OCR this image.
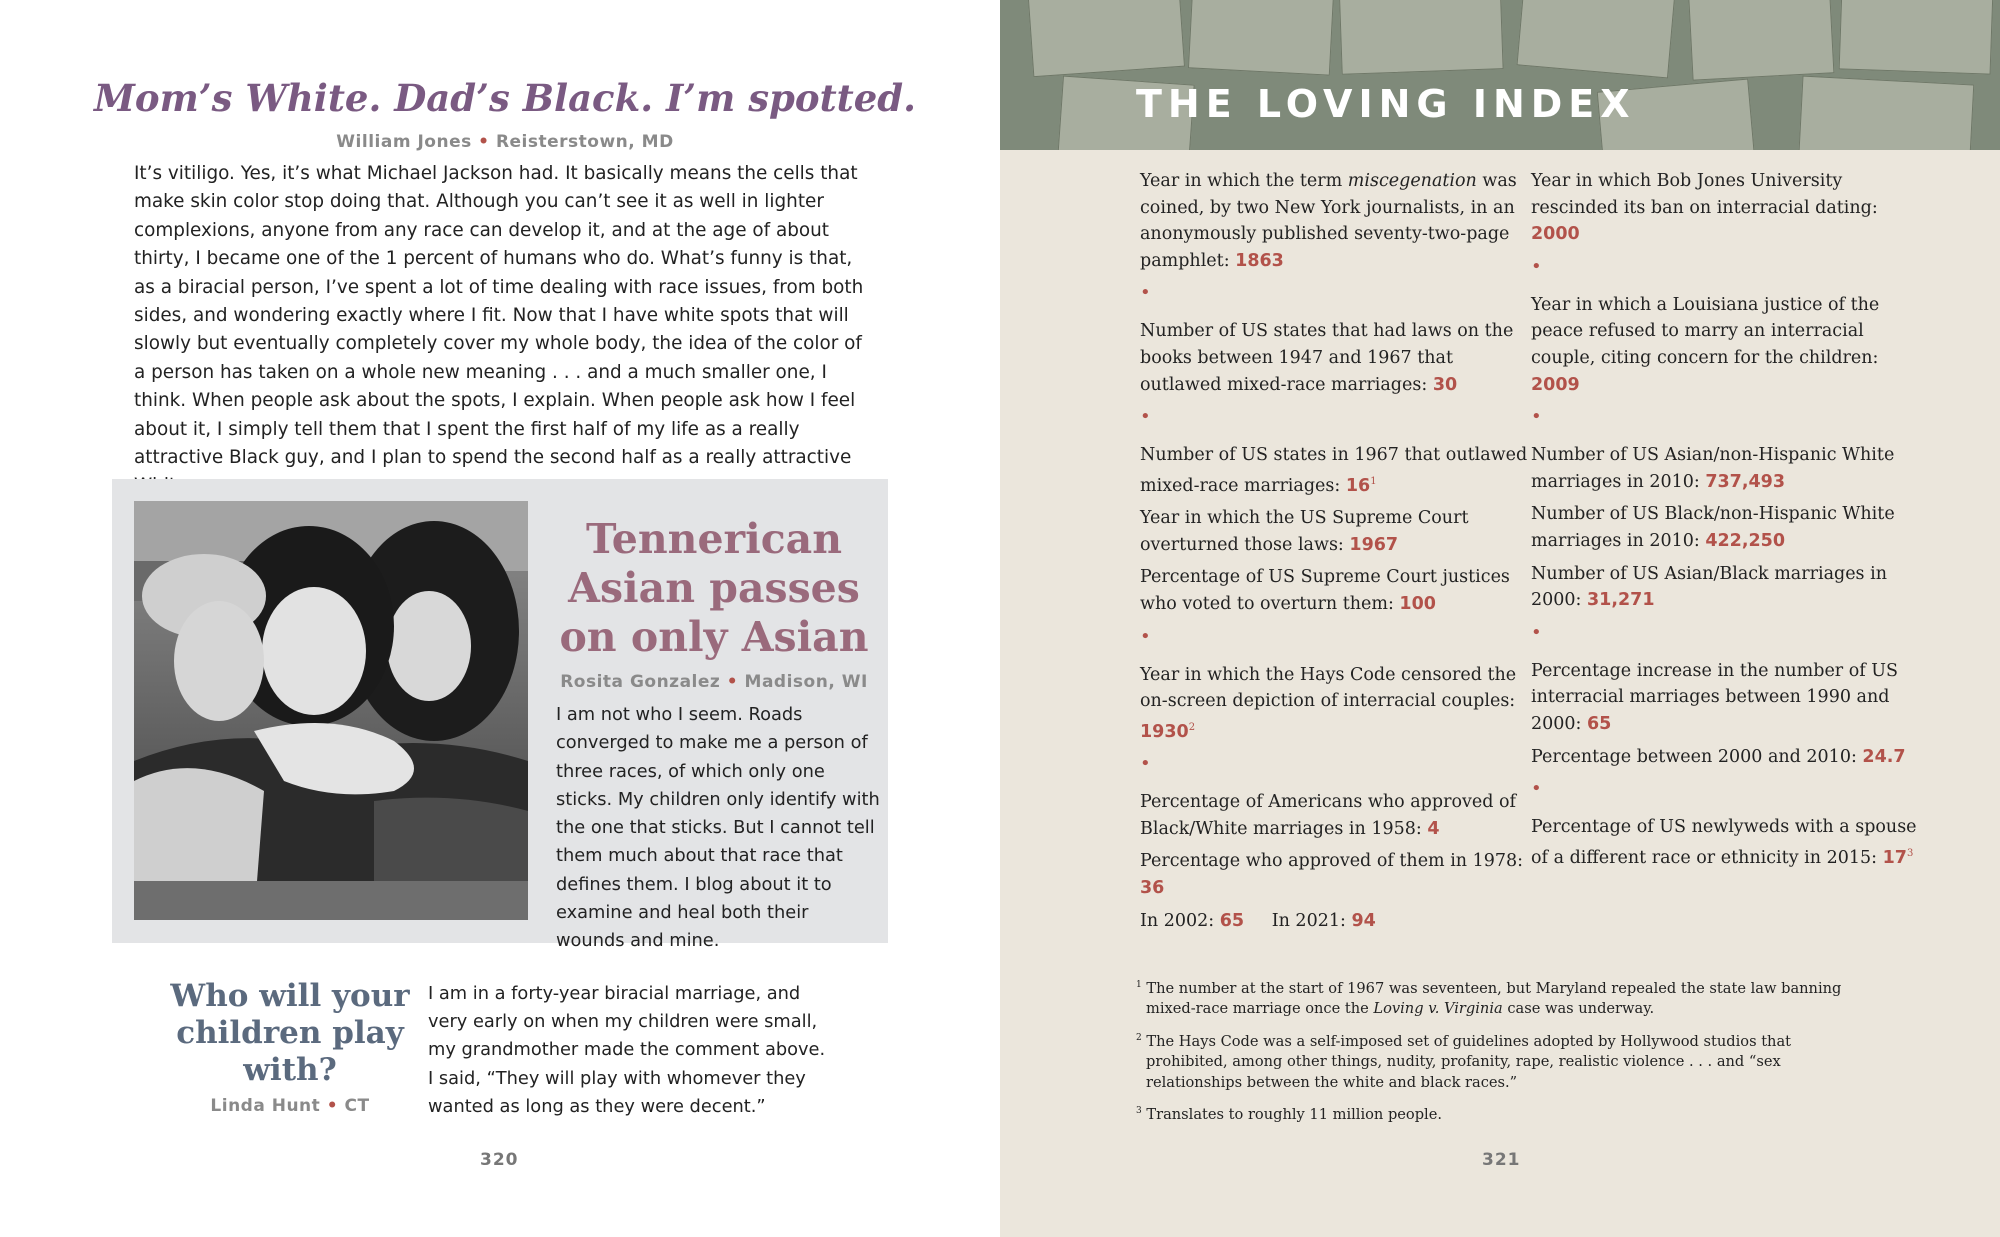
Mom’s White. Dad’s Black. I’m spotted.
William Jones • Reisterstown, MD

It’s vitiligo. Yes, it’s what Michael Jackson had. It basically means the cells that make skin color stop doing that. Although you can’t see it as well in lighter complexions, anyone from any race can develop it, and at the age of about thirty, I became one of the 1 percent of humans who do. What’s funny is that, as a biracial person, I’ve spent a lot of time dealing with race issues, from both sides, and wondering exactly where I fit. Now that I have white spots that will slowly but eventually completely cover my whole body, the idea of the color of a person has taken on a whole new meaning . . . and a much smaller one, I think. When people ask about the spots, I explain. When people ask how I feel about it, I simply tell them that I spent the first half of my life as a really attractive Black guy, and I plan to spend the second half as a really attractive

Tennerican Asian passes on only Asian
Rosita Gonzalez • Madison, WI

I am not who I seem. Roads converged to make me a person of three races, of which only one sticks. My children only identify with the one that sticks. But I cannot tell them much about that race that defines them. I blog about it to examine and heal both their wounds and mine.

Who will your children play with?
Linda Hunt • CT

I am in a forty-year biracial marriage, and very early on when my children were small, my grandmother made the comment above. I said, “They will play with whomever they wanted as long as they were decent.”

320
THE LOVING INDEX

Year in which the term miscegenation was coined, by two New York journalists, in an anonymously published seventy-two-page pamphlet: 1863

•

Number of US states that had laws on the books between 1947 and 1967 that outlawed mixed-race marriages: 30

•

Number of US states in 1967 that outlawed mixed-race marriages: $16^1$

Year in which the US Supreme Court overturned those laws: 1967

Percentage of US Supreme Court justices who voted to overturn them: 100

•

Year in which the Hays Code censored the on-screen depiction of interracial couples: 1930$^2$

•

Percentage of Americans who approved of Black/White marriages in 1958: 4

Percentage who approved of them in 1978: 36

In 2002: 65 In 2021: 94

Year in which Bob Jones University rescinded its ban on interracial dating: 2000

•

Year in which a Louisiana justice of the peace refused to marry an interracial couple, citing concern for the children: 2009

•

Number of US Asian/non-Hispanic White marriages in 2010: 737,493

Number of US Black/non-Hispanic White marriages in 2010: 422,250

Number of US Asian/Black marriages in 2000: 31,271

•

Percentage increase in the number of US interracial marriages between 1990 and 2000: 65

Percentage between 2000 and 2010: 24.7

•

Percentage of US newlyweds with a spouse of a different race or ethnicity in 2015: $17^3$

$^1$ The number at the start of 1967 was seventeen, but Maryland repealed the state law banning mixed-race marriage once the Loving v. Virginia case was underway.

$^2$ The Hays Code was a self-imposed set of guidelines adopted by Hollywood studios that prohibited, among other things, nudity, profanity, rape, realistic violence . . . and “sex relationships between the white and black races.”

$^3$ Translates to roughly 11 million people.

321
